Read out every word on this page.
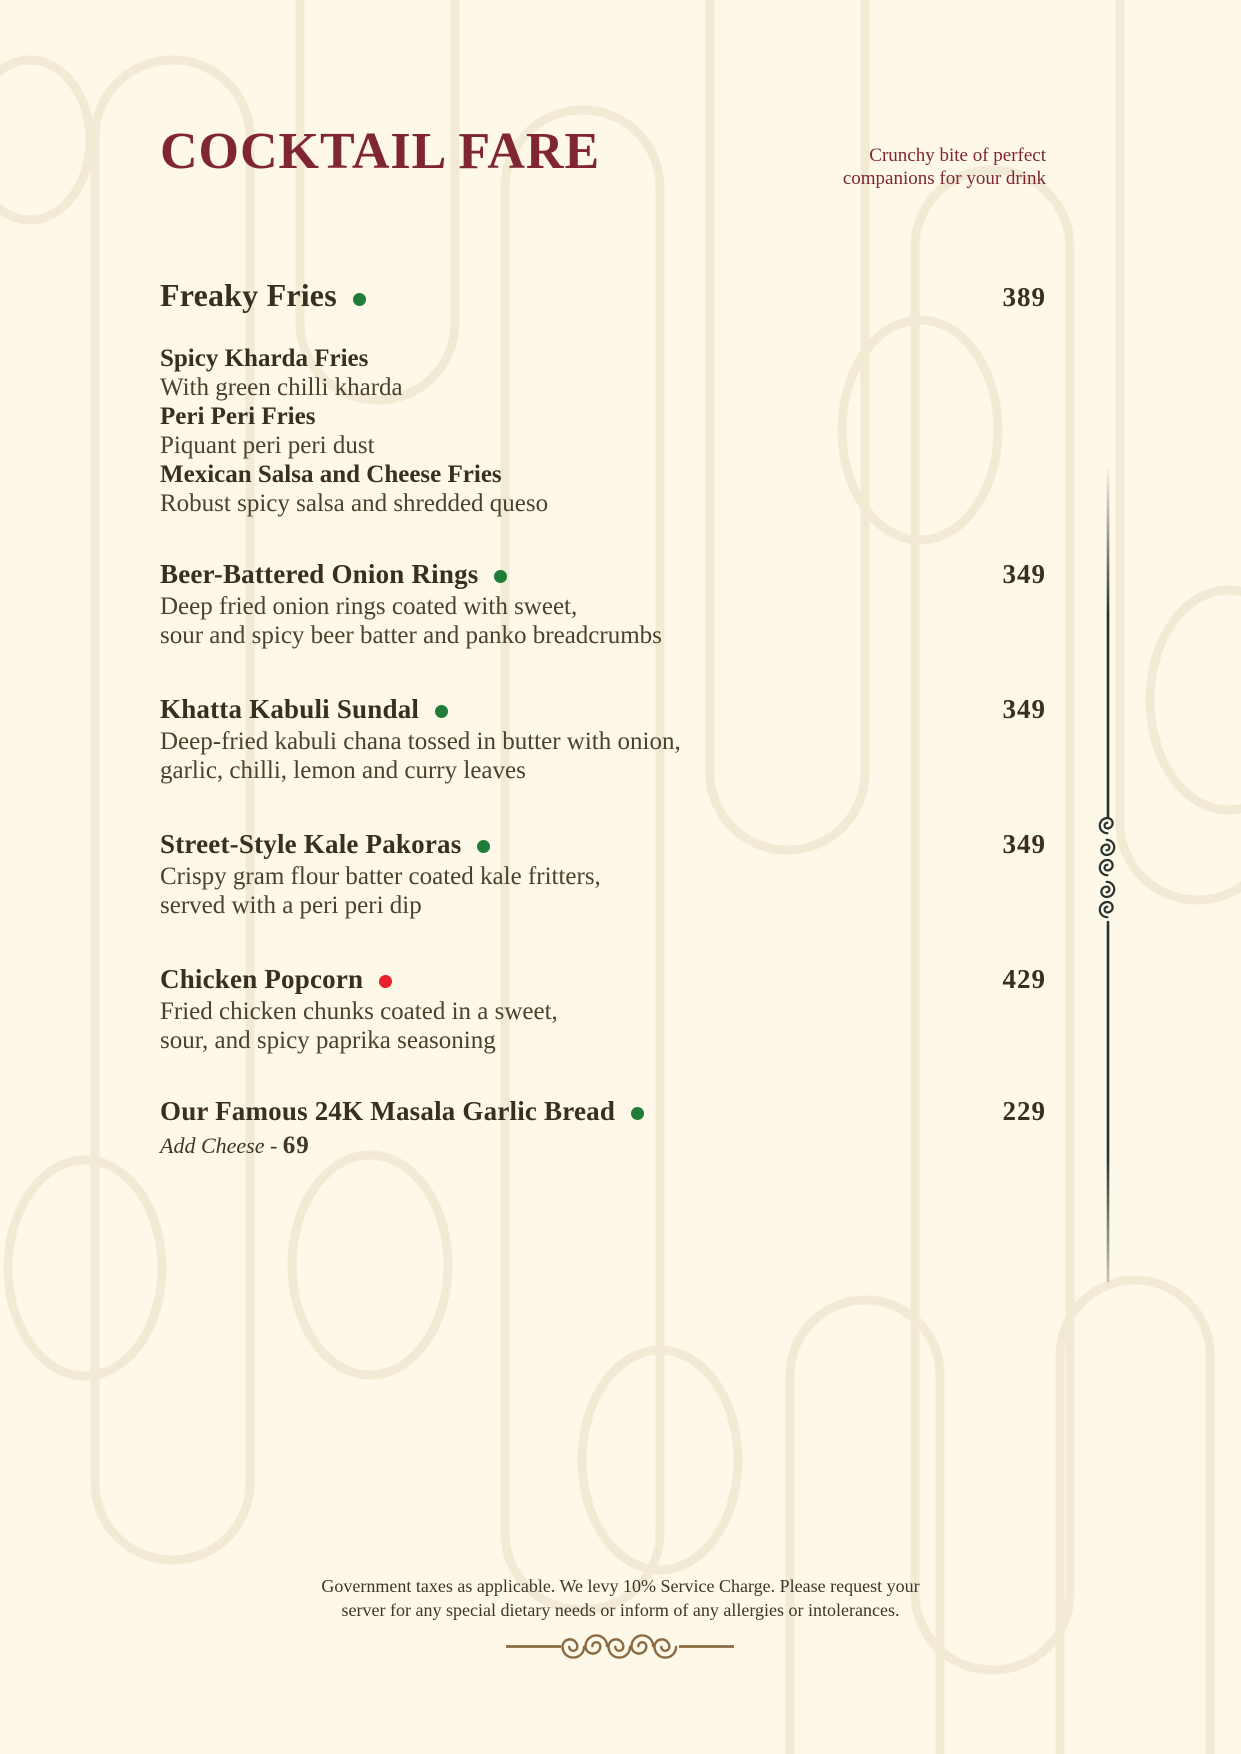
COCKTAIL FARE	Crunchy bite of perfect
companions for your drink
Freaky Fries	389
Spicy Kharda Fries
With green chilli kharda
Peri Peri Fries
Piquant peri peri dust
Mexican Salsa and Cheese Fries
Robust spicy salsa and shredded queso
Beer-Battered Onion Rings	349
Deep fried onion rings coated with sweet,
sour and spicy beer batter and panko breadcrumbs
Khatta Kabuli Sundal	349
Deep-fried kabuli chana tossed in butter with onion,
garlic, chilli, lemon and curry leaves
Street-Style Kale Pakoras	349
Crispy gram flour batter coated kale fritters,
served with a peri peri dip
Chicken Popcorn	429
Fried chicken chunks coated in a sweet,
sour, and spicy paprika seasoning
Our Famous 24K Masala Garlic Bread	229
Add Cheese - 69
Government taxes as applicable. We levy 10% Service Charge. Please request your
server for any special dietary needs or inform of any allergies or intolerances.
